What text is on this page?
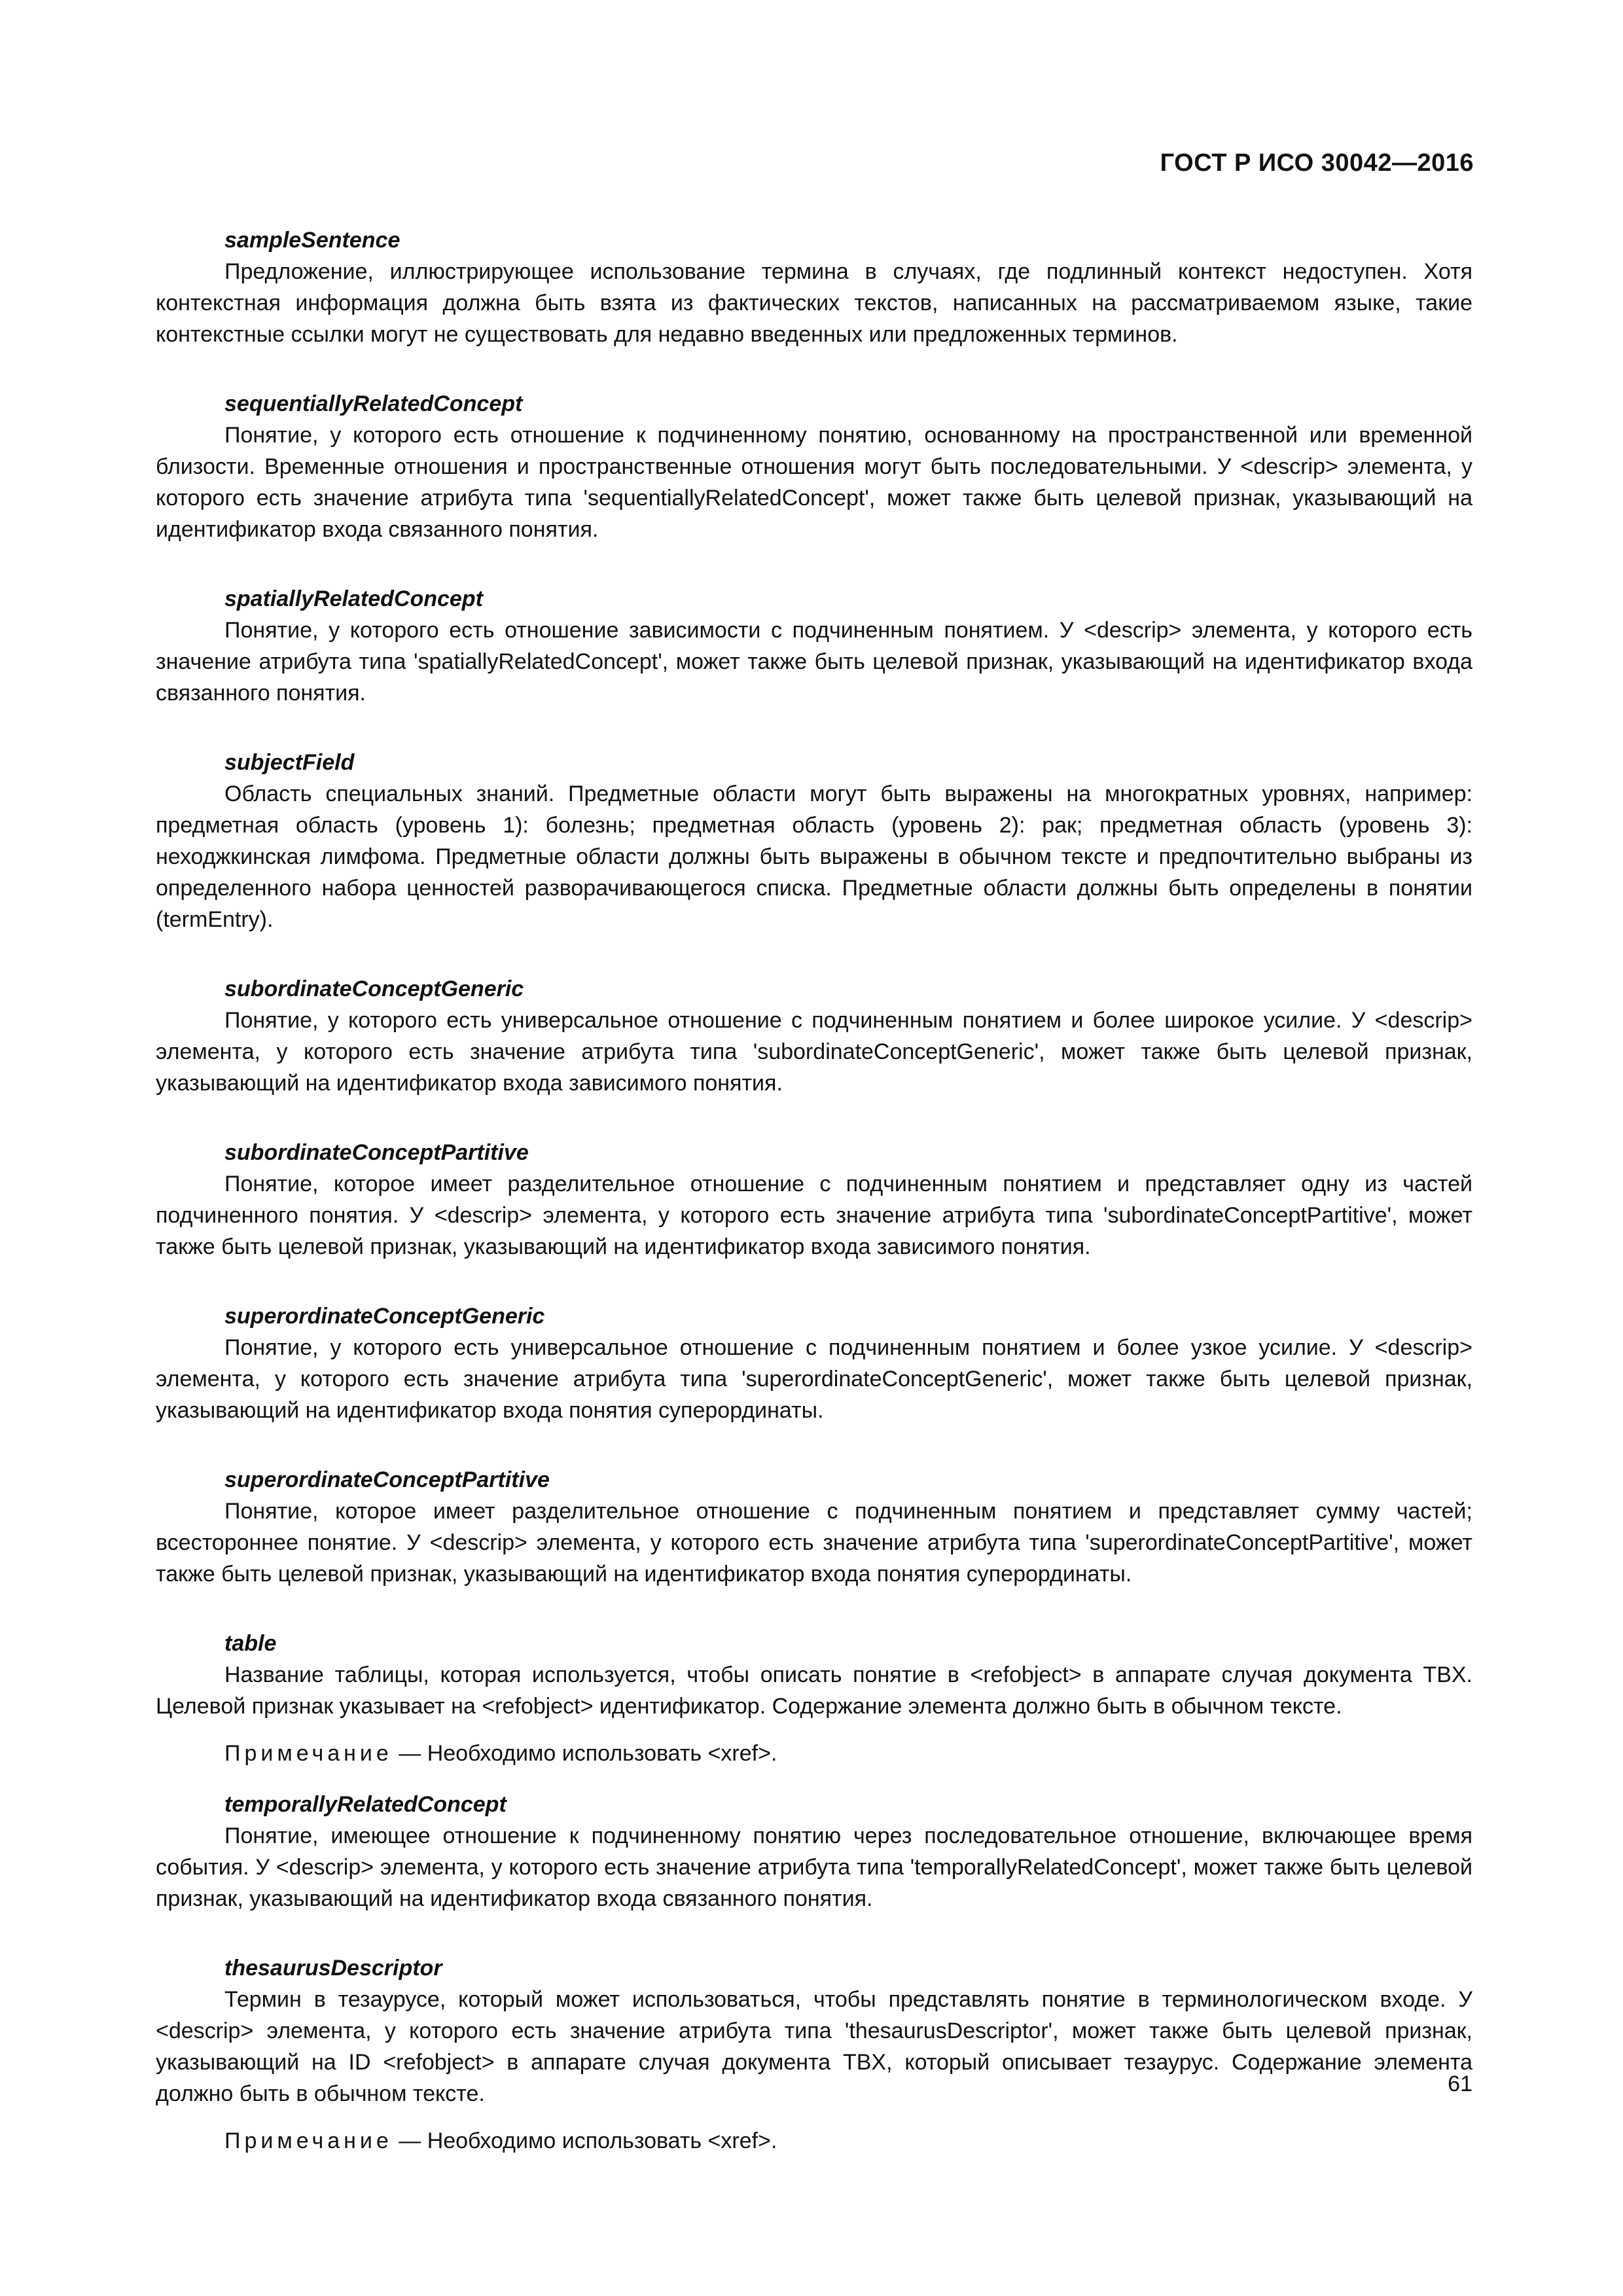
ГОСТ Р ИСО 30042—2016

sampleSentence

Предложение, иллюстрирующее использование термина в случаях, где подлинный контекст недоступен. Хотя контекстная информация должна быть взята из фактических текстов, написанных на рассматриваемом языке, такие контекстные ссылки могут не существовать для недавно введенных или предложенных терминов.

sequentiallyRelatedConcept

Понятие, у которого есть отношение к подчиненному понятию, основанному на пространственной или временной близости. Временные отношения и пространственные отношения могут быть последовательными. У <descrip> элемента, у которого есть значение атрибута типа 'sequentiallyRelatedConcept', может также быть целевой признак, указывающий на идентификатор входа связанного понятия.

spatiallyRelatedConcept

Понятие, у которого есть отношение зависимости с подчиненным понятием. У <descrip> элемента, у которого есть значение атрибута типа 'spatiallyRelatedConcept', может также быть целевой признак, указывающий на идентификатор входа связанного понятия.

subjectField

Область специальных знаний. Предметные области могут быть выражены на многократных уровнях, например: предметная область (уровень 1): болезнь; предметная область (уровень 2): рак; предметная область (уровень 3): неходжкинская лимфома. Предметные области должны быть выражены в обычном тексте и предпочтительно выбраны из определенного набора ценностей разворачивающегося списка. Предметные области должны быть определены в понятии (termEntry).

subordinateConceptGeneric

Понятие, у которого есть универсальное отношение с подчиненным понятием и более широкое усилие. У <descrip> элемента, у которого есть значение атрибута типа 'subordinateConceptGeneric', может также быть целевой признак, указывающий на идентификатор входа зависимого понятия.

subordinateConceptPartitive

Понятие, которое имеет разделительное отношение с подчиненным понятием и представляет одну из частей подчиненного понятия. У <descrip> элемента, у которого есть значение атрибута типа 'subordinateConceptPartitive', может также быть целевой признак, указывающий на идентификатор входа зависимого понятия.

superordinateConceptGeneric

Понятие, у которого есть универсальное отношение с подчиненным понятием и более узкое усилие. У <descrip> элемента, у которого есть значение атрибута типа 'superordinateConceptGeneric', может также быть целевой признак, указывающий на идентификатор входа понятия суперординаты.

superordinateConceptPartitive

Понятие, которое имеет разделительное отношение с подчиненным понятием и представляет сумму частей; всестороннее понятие. У <descrip> элемента, у которого есть значение атрибута типа 'superordinateConceptPartitive', может также быть целевой признак, указывающий на идентификатор входа понятия суперординаты.

table

Название таблицы, которая используется, чтобы описать понятие в <refobject> в аппарате случая документа TBX. Целевой признак указывает на <refobject> идентификатор. Содержание элемента должно быть в обычном тексте.

Примечание — Необходимо использовать <xref>.

temporallyRelatedConcept

Понятие, имеющее отношение к подчиненному понятию через последовательное отношение, включающее время события. У <descrip> элемента, у которого есть значение атрибута типа 'temporallyRelatedConcept', может также быть целевой признак, указывающий на идентификатор входа связанного понятия.

thesaurusDescriptor

Термин в тезаурусе, который может использоваться, чтобы представлять понятие в терминологическом входе. У <descrip> элемента, у которого есть значение атрибута типа 'thesaurusDescriptor', может также быть целевой признак, указывающий на ID <refobject> в аппарате случая документа TBX, который описывает тезаурус. Содержание элемента должно быть в обычном тексте.

Примечание — Необходимо использовать <xref>.

61
